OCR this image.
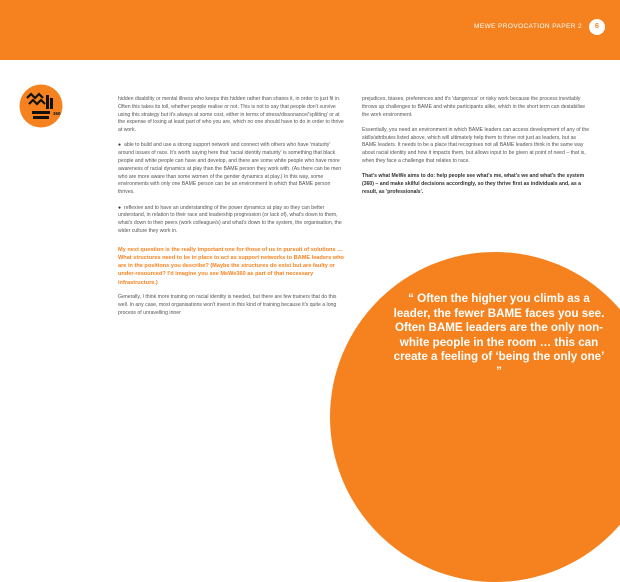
MEWE PROVOCATION PAPER 2	6
360

hidden disability or mental illness who keeps this hidden rather than shares it, in order to just fit in. Often this takes its toll, whether people realise or not. This is not to say that people don't survive using this strategy but it's always at some cost, either in terms of stress/dissonance/'splitting' or at the expense of losing at least part of who you are, which no one should have to do in order to thrive at work.

● able to build and use a strong support network and connect with others who have 'maturity' around issues of race. It's worth saying here that 'racial identity maturity' is something that black people and white people can have and develop, and there are some white people who have more awareness of racial dynamics at play than the BAME person they work with. (As there can be men who are more aware than some women of the gender dynamics at play.) In this way, some environments with only one BAME person can be an environment in which that BAME person thrives.

● reflexive and to have an understanding of the power dynamics at play so they can better understand, in relation to their race and leadership progression (or lack of), what's down to them, what's down to their peers (work colleague/s) and what's down to the system, the organisation, the wider culture they work in.

My next question is the really important one for those of us in pursuit of solutions … What structures need to be in place to act as support networks to BAME leaders who are in the positions you describe? (Maybe the structures do exist but are faulty or under-resourced? I'd imagine you see MeWe360 as part of that necessary infrastructure.)

Generally, I think more training on racial identity is needed, but there are few trainers that do this well. In any case, most organisations won't invest in this kind of training because it's quite a long process of unravelling inner

prejudices, biases, preferences and it's 'dangerous' or risky work because the process inevitably throws up challenges to BAME and white participants alike, which in the short term can destabilise the work environment.

Essentially, you need an environment in which BAME leaders can access development of any of the skills/attributes listed above, which will ultimately help them to thrive not just as leaders, but as BAME leaders. It needs to be a place that recognises not all BAME leaders think in the same way about racial identity and how it impacts them, but allows input to be given at point of need – that is, when they face a challenge that relates to race.

That's what MeWe aims to do: help people see what's me, what's we and what's the system (360) – and make skilful decisions accordingly, so they thrive first as individuals and, as a result, as 'professionals'.

“ Often the higher you climb as a leader, the fewer BAME faces you see. Often BAME leaders are the only non-white people in the room … this can create a feeling of ‘being the only one’ ”
